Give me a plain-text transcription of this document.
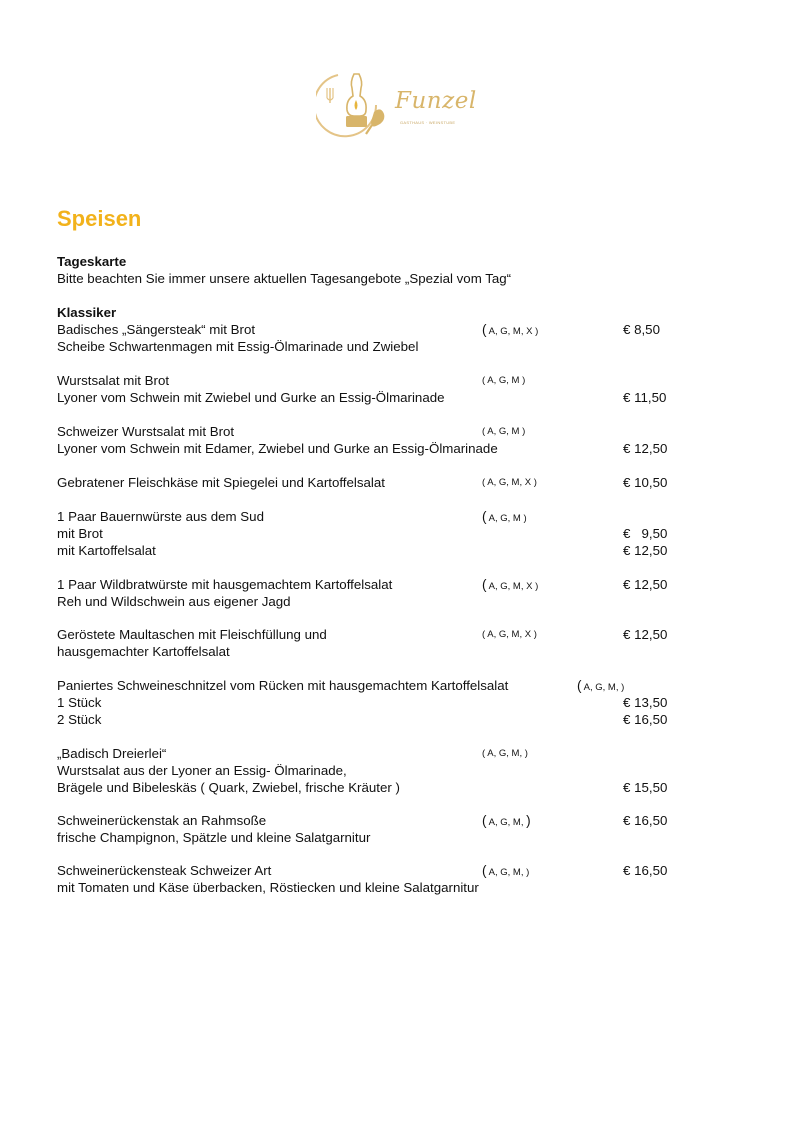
Funzel
GASTHAUS · WEINSTUBE
Speisen
Tageskarte
Bitte beachten Sie immer unsere aktuellen Tagesangebote „Spezial vom Tag“
Klassiker
Badisches „Sängersteak“ mit Brot	( A, G, M, X )	€ 8,50
Scheibe Schwartenmagen mit Essig-Ölmarinade und Zwiebel
Wurstsalat mit Brot	( A, G, M )
Lyoner vom Schwein mit Zwiebel und Gurke an Essig-Ölmarinade	€ 11,50
Schweizer Wurstsalat mit Brot	( A, G, M )
Lyoner vom Schwein mit Edamer, Zwiebel und Gurke an Essig-Ölmarinade	€ 12,50
Gebratener Fleischkäse mit Spiegelei und Kartoffelsalat	( A, G, M, X )	€ 10,50
1 Paar Bauernwürste aus dem Sud	( A, G, M )
mit Brot	€   9,50
mit Kartoffelsalat	€ 12,50
1 Paar Wildbratwürste mit hausgemachtem Kartoffelsalat	( A, G, M, X )	€ 12,50
Reh und Wildschwein aus eigener Jagd
Geröstete Maultaschen mit Fleischfüllung und	( A, G, M, X )	€ 12,50
hausgemachter Kartoffelsalat
Paniertes Schweineschnitzel vom Rücken mit hausgemachtem Kartoffelsalat	( A, G, M, )
1 Stück	€ 13,50
2 Stück	€ 16,50
„Badisch Dreierlei“	( A, G, M, )
Wurstsalat aus der Lyoner an Essig- Ölmarinade,
Brägele und Bibeleskäs ( Quark, Zwiebel, frische Kräuter )	€ 15,50
Schweinerückenstak an Rahmsoße	( A, G, M, )	€ 16,50
frische Champignon, Spätzle und kleine Salatgarnitur
Schweinerückensteak Schweizer Art	( A, G, M, )	€ 16,50
mit Tomaten und Käse überbacken, Röstiecken und kleine Salatgarnitur
